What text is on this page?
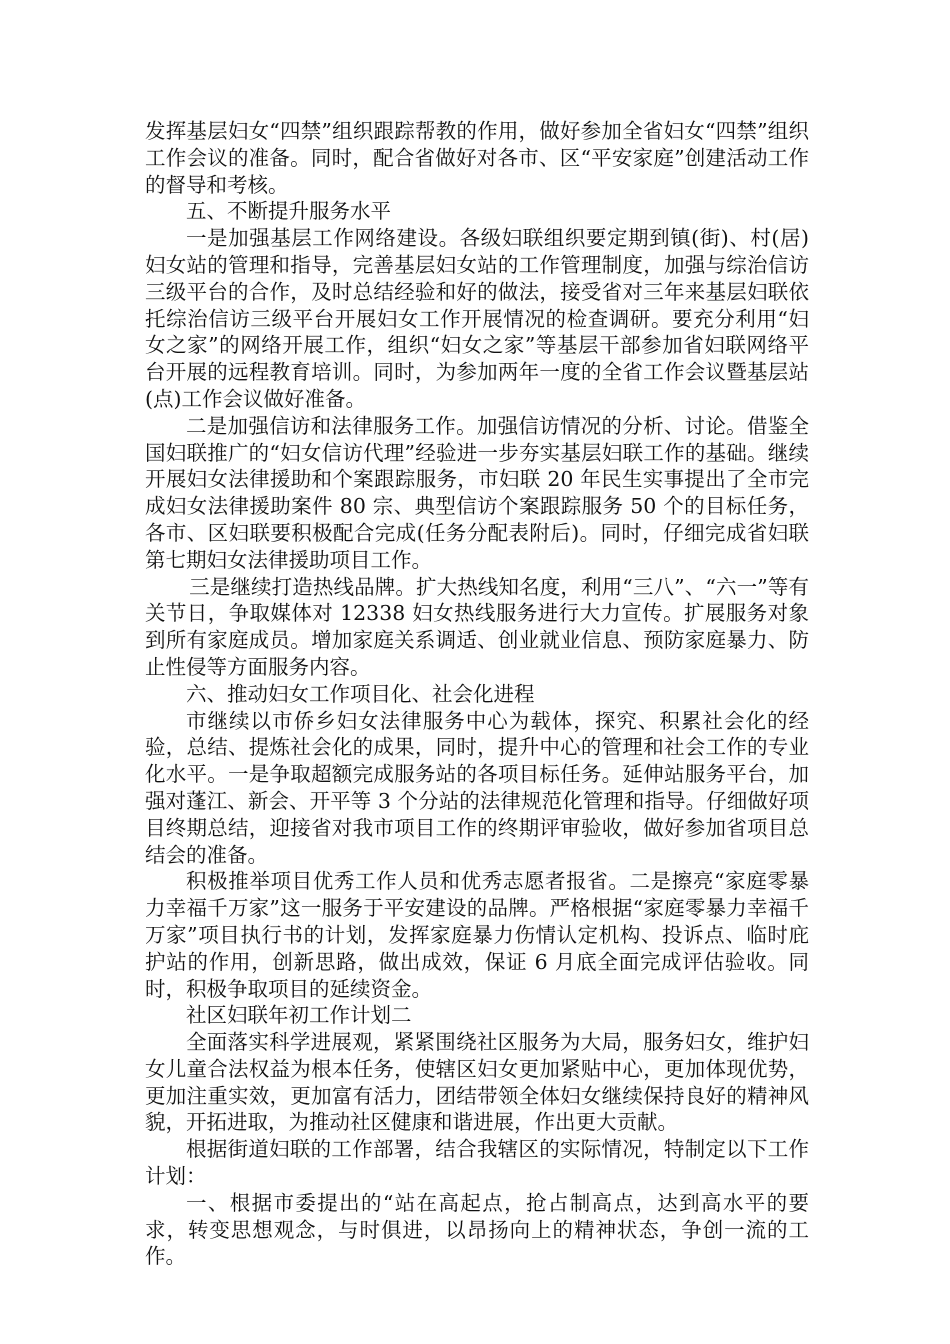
发挥基层妇女“四禁”组织跟踪帮教的作用，做好参加全省妇女“四禁”组织工作会议的准备。同时，配合省做好对各市、区“平安家庭”创建活动工作的督导和考核。

五、不断提升服务水平

一是加强基层工作网络建设。各级妇联组织要定期到镇(街)、村(居)妇女站的管理和指导，完善基层妇女站的工作管理制度，加强与综治信访三级平台的合作，及时总结经验和好的做法，接受省对三年来基层妇联依托综治信访三级平台开展妇女工作开展情况的检查调研。要充分利用“妇女之家”的网络开展工作，组织“妇女之家”等基层干部参加省妇联网络平台开展的远程教育培训。同时，为参加两年一度的全省工作会议暨基层站(点)工作会议做好准备。

二是加强信访和法律服务工作。加强信访情况的分析、讨论。借鉴全国妇联推广的“妇女信访代理”经验进一步夯实基层妇联工作的基础。继续开展妇女法律援助和个案跟踪服务，市妇联 20 年民生实事提出了全市完成妇女法律援助案件 80 宗、典型信访个案跟踪服务 50 个的目标任务，各市、区妇联要积极配合完成(任务分配表附后)。同时，仔细完成省妇联第七期妇女法律援助项目工作。

三是继续打造热线品牌。扩大热线知名度，利用“三八”、“六一”等有关节日，争取媒体对 12338 妇女热线服务进行大力宣传。扩展服务对象到所有家庭成员。增加家庭关系调适、创业就业信息、预防家庭暴力、防止性侵等方面服务内容。

六、推动妇女工作项目化、社会化进程

市继续以市侨乡妇女法律服务中心为载体，探究、积累社会化的经验，总结、提炼社会化的成果，同时，提升中心的管理和社会工作的专业化水平。一是争取超额完成服务站的各项目标任务。延伸站服务平台，加强对蓬江、新会、开平等 3 个分站的法律规范化管理和指导。仔细做好项目终期总结，迎接省对我市项目工作的终期评审验收，做好参加省项目总结会的准备。

积极推举项目优秀工作人员和优秀志愿者报省。二是擦亮“家庭零暴力幸福千万家”这一服务于平安建设的品牌。严格根据“家庭零暴力幸福千万家”项目执行书的计划，发挥家庭暴力伤情认定机构、投诉点、临时庇护站的作用，创新思路，做出成效，保证 6 月底全面完成评估验收。同时，积极争取项目的延续资金。

社区妇联年初工作计划二

全面落实科学进展观，紧紧围绕社区服务为大局，服务妇女，维护妇女儿童合法权益为根本任务，使辖区妇女更加紧贴中心，更加体现优势，更加注重实效，更加富有活力，团结带领全体妇女继续保持良好的精神风貌，开拓进取，为推动社区健康和谐进展，作出更大贡献。

根据街道妇联的工作部署，结合我辖区的实际情况，特制定以下工作计划：

一、根据市委提出的“站在高起点，抢占制高点，达到高水平的要求，转变思想观念，与时俱进，以昂扬向上的精神状态，争创一流的工作。
